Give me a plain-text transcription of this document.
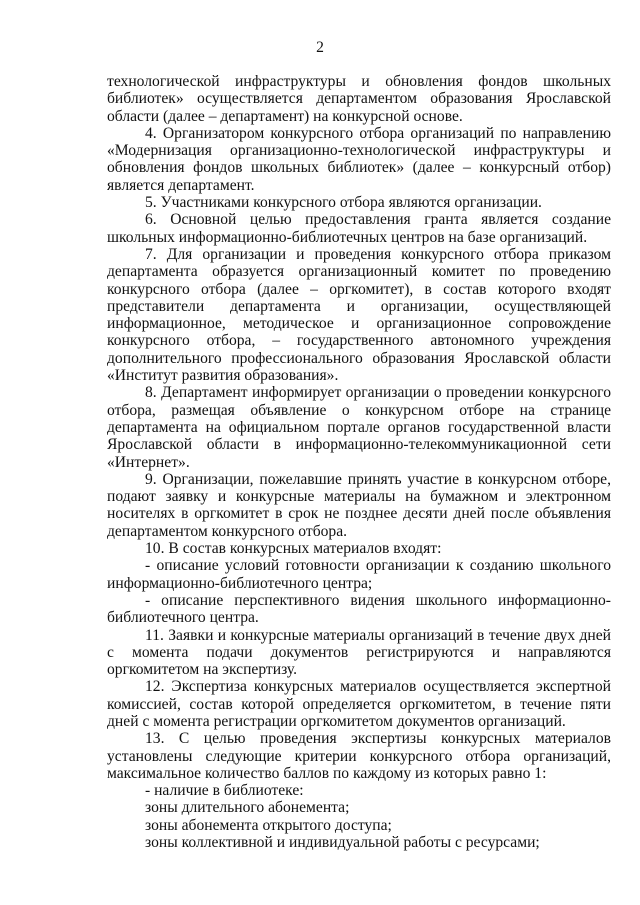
2

технологической инфраструктуры и обновления фондов школьных библиотек» осуществляется департаментом образования Ярославской области (далее – департамент) на конкурсной основе.

4. Организатором конкурсного отбора организаций по направлению «Модернизация организационно-технологической инфраструктуры и обновления фондов школьных библиотек» (далее – конкурсный отбор) является департамент.

5. Участниками конкурсного отбора являются организации.

6. Основной целью предоставления гранта является создание школьных информационно-библиотечных центров на базе организаций.

7. Для организации и проведения конкурсного отбора приказом департамента образуется организационный комитет по проведению конкурсного отбора (далее – оргкомитет), в состав которого входят представители департамента и организации, осуществляющей информационное, методическое и организационное сопровождение конкурсного отбора, – государственного автономного учреждения дополнительного профессионального образования Ярославской области «Институт развития образования».

8. Департамент информирует организации о проведении конкурсного отбора, размещая объявление о конкурсном отборе на странице департамента на официальном портале органов государственной власти Ярославской области в информационно-телекоммуникационной сети «Интернет».

9. Организации, пожелавшие принять участие в конкурсном отборе, подают заявку и конкурсные материалы на бумажном и электронном носителях в оргкомитет в срок не позднее десяти дней после объявления департаментом конкурсного отбора.

10. В состав конкурсных материалов входят:

- описание условий готовности организации к созданию школьного информационно-библиотечного центра;

- описание перспективного видения школьного информационно-библиотечного центра.

11. Заявки и конкурсные материалы организаций в течение двух дней с момента подачи документов регистрируются и направляются оргкомитетом на экспертизу.

12. Экспертиза конкурсных материалов осуществляется экспертной комиссией, состав которой определяется оргкомитетом, в течение пяти дней с момента регистрации оргкомитетом документов организаций.

13. С целью проведения экспертизы конкурсных материалов установлены следующие критерии конкурсного отбора организаций, максимальное количество баллов по каждому из которых равно 1:

- наличие в библиотеке:

зоны длительного абонемента;

зоны абонемента открытого доступа;

зоны коллективной и индивидуальной работы с ресурсами;
